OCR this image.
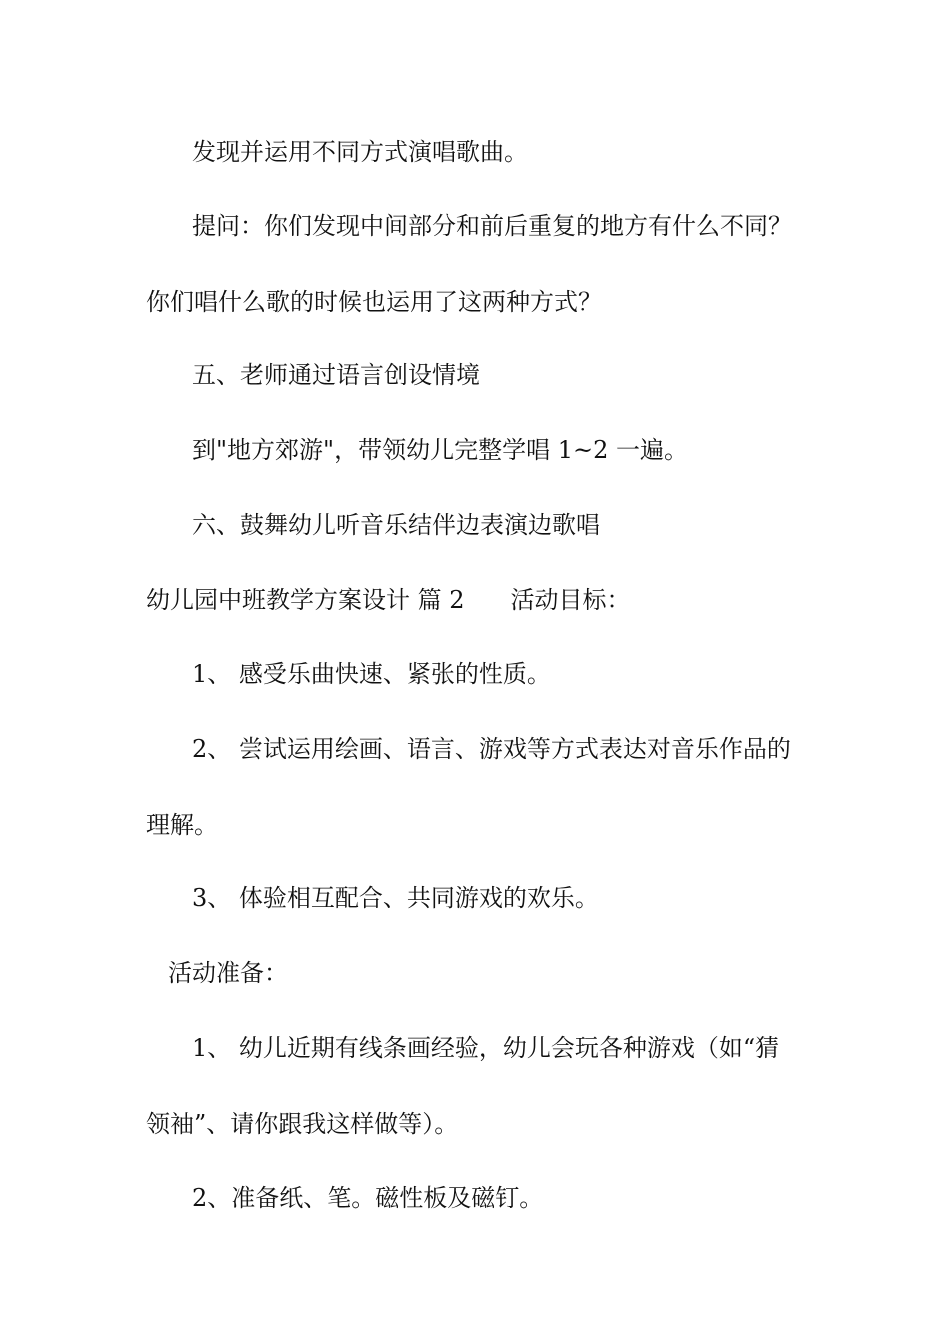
发现并运用不同方式演唱歌曲。
提问：你们发现中间部分和前后重复的地方有什么不同？
你们唱什么歌的时候也运用了这两种方式？
五、老师通过语言创设情境
到"地方郊游"，带领幼儿完整学唱 1~2 一遍。
六、鼓舞幼儿听音乐结伴边表演边歌唱
幼儿园中班教学方案设计 篇 2 活动目标：
1、 感受乐曲快速、紧张的性质。
2、 尝试运用绘画、语言、游戏等方式表达对音乐作品的
理解。
3、 体验相互配合、共同游戏的欢乐。
活动准备：
1、 幼儿近期有线条画经验，幼儿会玩各种游戏（如“猜
领袖”、请你跟我这样做等）。
2、准备纸、笔。磁性板及磁钉。
